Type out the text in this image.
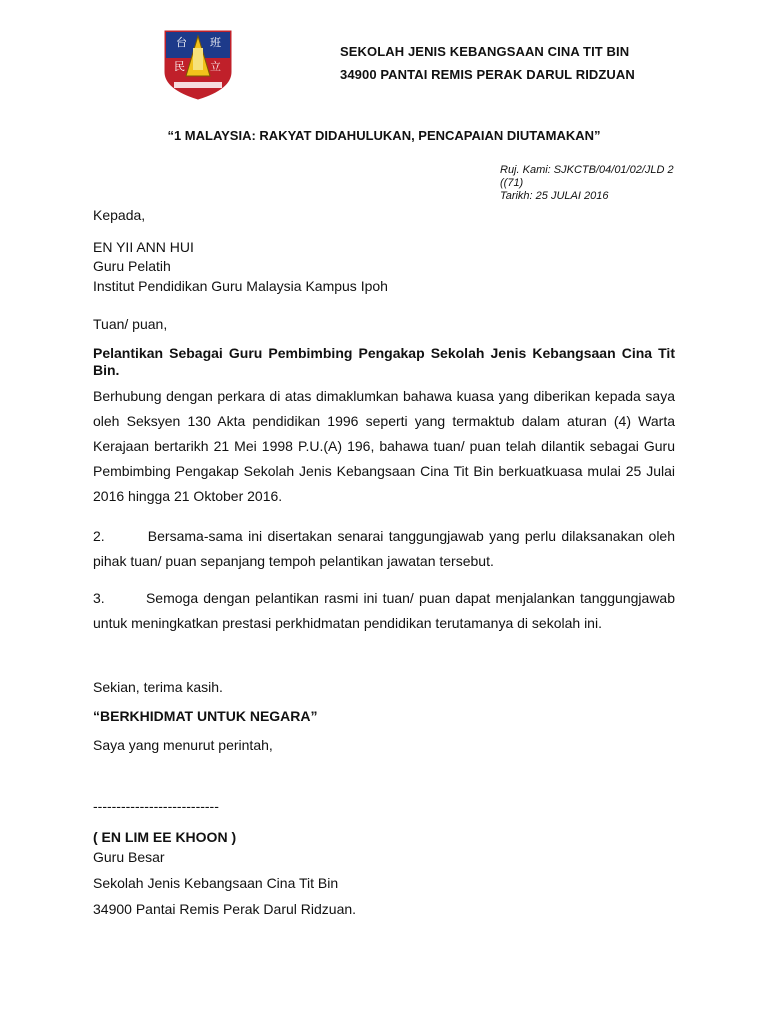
台 班
民 立
SEKOLAH JENIS KEBANGSAAN CINA TIT BIN
34900 PANTAI REMIS PERAK DARUL RIDZUAN
“1 MALAYSIA: RAKYAT DIDAHULUKAN, PENCAPAIAN DIUTAMAKAN”
Ruj. Kami: SJKCTB/04/01/02/JLD 2
((71)
Tarikh: 25 JULAI 2016
Kepada,
EN YII ANN HUI
Guru Pelatih
Institut Pendidikan Guru Malaysia Kampus Ipoh
Tuan/ puan,
Pelantikan Sebagai Guru Pembimbing Pengakap Sekolah Jenis Kebangsaan Cina Tit Bin.
Berhubung dengan perkara di atas dimaklumkan bahawa kuasa yang diberikan kepada saya oleh Seksyen 130 Akta pendidikan 1996 seperti yang termaktub dalam aturan (4) Warta Kerajaan bertarikh 21 Mei 1998 P.U.(A) 196, bahawa tuan/ puan telah dilantik sebagai Guru Pembimbing Pengakap Sekolah Jenis Kebangsaan Cina Tit Bin berkuatkuasa mulai 25 Julai 2016 hingga 21 Oktober 2016.
2.        Bersama-sama ini disertakan senarai tanggungjawab yang perlu dilaksanakan oleh pihak tuan/ puan sepanjang tempoh pelantikan jawatan tersebut.
3.        Semoga dengan pelantikan rasmi ini tuan/ puan dapat menjalankan tanggungjawab untuk meningkatkan prestasi perkhidmatan pendidikan terutamanya di sekolah ini.
Sekian, terima kasih.
“BERKHIDMAT UNTUK NEGARA”
Saya yang menurut perintah,
---------------------------
( EN LIM EE KHOON )
Guru Besar
Sekolah Jenis Kebangsaan Cina Tit Bin
34900 Pantai Remis Perak Darul Ridzuan.
